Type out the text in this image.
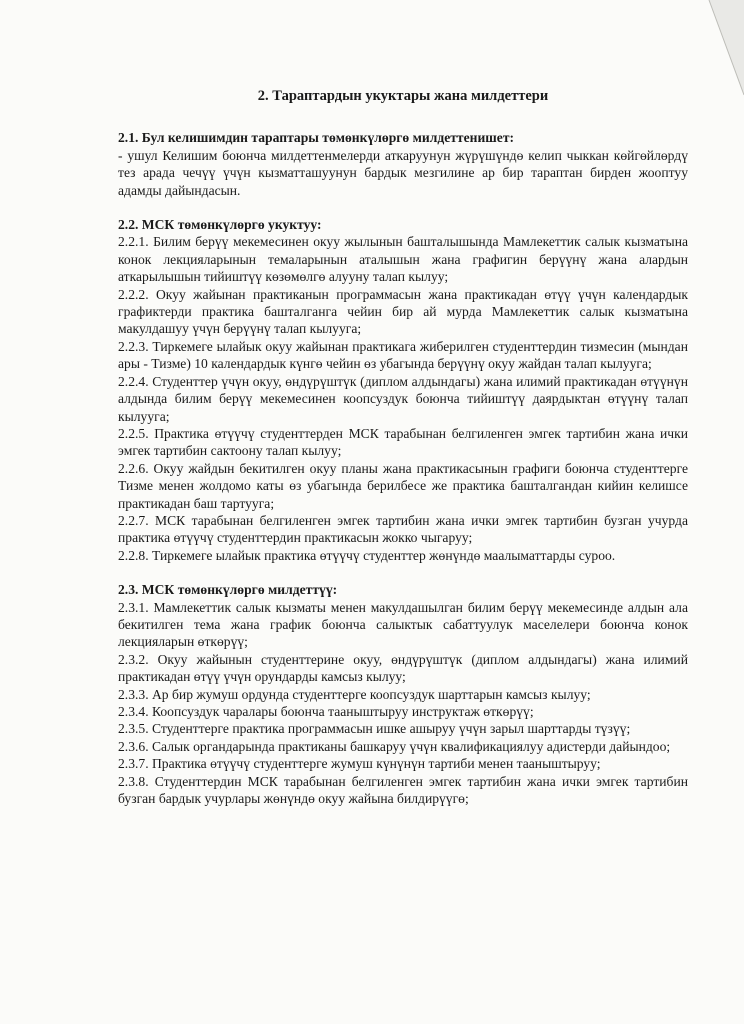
2. Тараптардын укуктары жана милдеттери

2.1. Бул келишимдин тараптары төмөнкүлөргө милдеттенишет:

- ушул Келишим боюнча милдеттенмелерди аткаруунун жүрүшүндө келип чыккан көйгөйлөрдү тез арада чечүү үчүн кызматташуунун бардык мезгилине ар бир тараптан бирден жооптуу адамды дайындасын.

2.2. МСК төмөнкүлөргө укуктуу:

2.2.1. Билим берүү мекемесинен окуу жылынын башталышында Мамлекеттик салык кызматына конок лекцияларынын темаларынын аталышын жана графигин берүүнү жана алардын аткарылышын тийиштүү көзөмөлгө алууну талап кылуу;

2.2.2. Окуу жайынан практиканын программасын жана практикадан өтүү үчүн календардык графиктерди практика башталганга чейин бир ай мурда Мамлекеттик салык кызматына макулдашуу үчүн берүүнү талап кылууга;

2.2.3. Тиркемеге ылайык окуу жайынан практикага жиберилген студенттердин тизмесин (мындан ары - Тизме) 10 календардык күнгө чейин өз убагында берүүнү окуу жайдан талап кылууга;

2.2.4. Студенттер үчүн окуу, өндүрүштүк (диплом алдындагы) жана илимий практикадан өтүүнүн алдында билим берүү мекемесинен коопсуздук боюнча тийиштүү даярдыктан өтүүнү талап кылууга;

2.2.5. Практика өтүүчү студенттерден МСК тарабынан белгиленген эмгек тартибин жана ички эмгек тартибин сактоону талап кылуу;

2.2.6. Окуу жайдын бекитилген окуу планы жана практикасынын графиги боюнча студенттерге Тизме менен жолдомо каты өз убагында берилбесе же практика башталгандан кийин келишсе практикадан баш тартууга;

2.2.7. МСК тарабынан белгиленген эмгек тартибин жана ички эмгек тартибин бузган учурда практика өтүүчү студенттердин практикасын жокко чыгаруу;

2.2.8. Тиркемеге ылайык практика өтүүчү студенттер жөнүндө маалыматтарды суроо.

2.3. МСК төмөнкүлөргө милдеттүү:

2.3.1. Мамлекеттик салык кызматы менен макулдашылган билим берүү мекемесинде алдын ала бекитилген тема жана график боюнча салыктык сабаттуулук маселелери боюнча конок лекцияларын өткөрүү;

2.3.2. Окуу жайынын студенттерине окуу, өндүрүштүк (диплом алдындагы) жана илимий практикадан өтүү үчүн орундарды камсыз кылуу;

2.3.3. Ар бир жумуш ордунда студенттерге коопсуздук шарттарын камсыз кылуу;

2.3.4. Коопсуздук чаралары боюнча тааныштыруу инструктаж өткөрүү;

2.3.5. Студенттерге практика программасын ишке ашыруу үчүн зарыл шарттарды түзүү;

2.3.6. Салык органдарында практиканы башкаруу үчүн квалификациялуу адистерди дайындоо;

2.3.7. Практика өтүүчү студенттерге жумуш күнүнүн тартиби менен тааныштыруу;

2.3.8. Студенттердин МСК тарабынан белгиленген эмгек тартибин жана ички эмгек тартибин бузган бардык учурлары жөнүндө окуу жайына билдирүүгө;
